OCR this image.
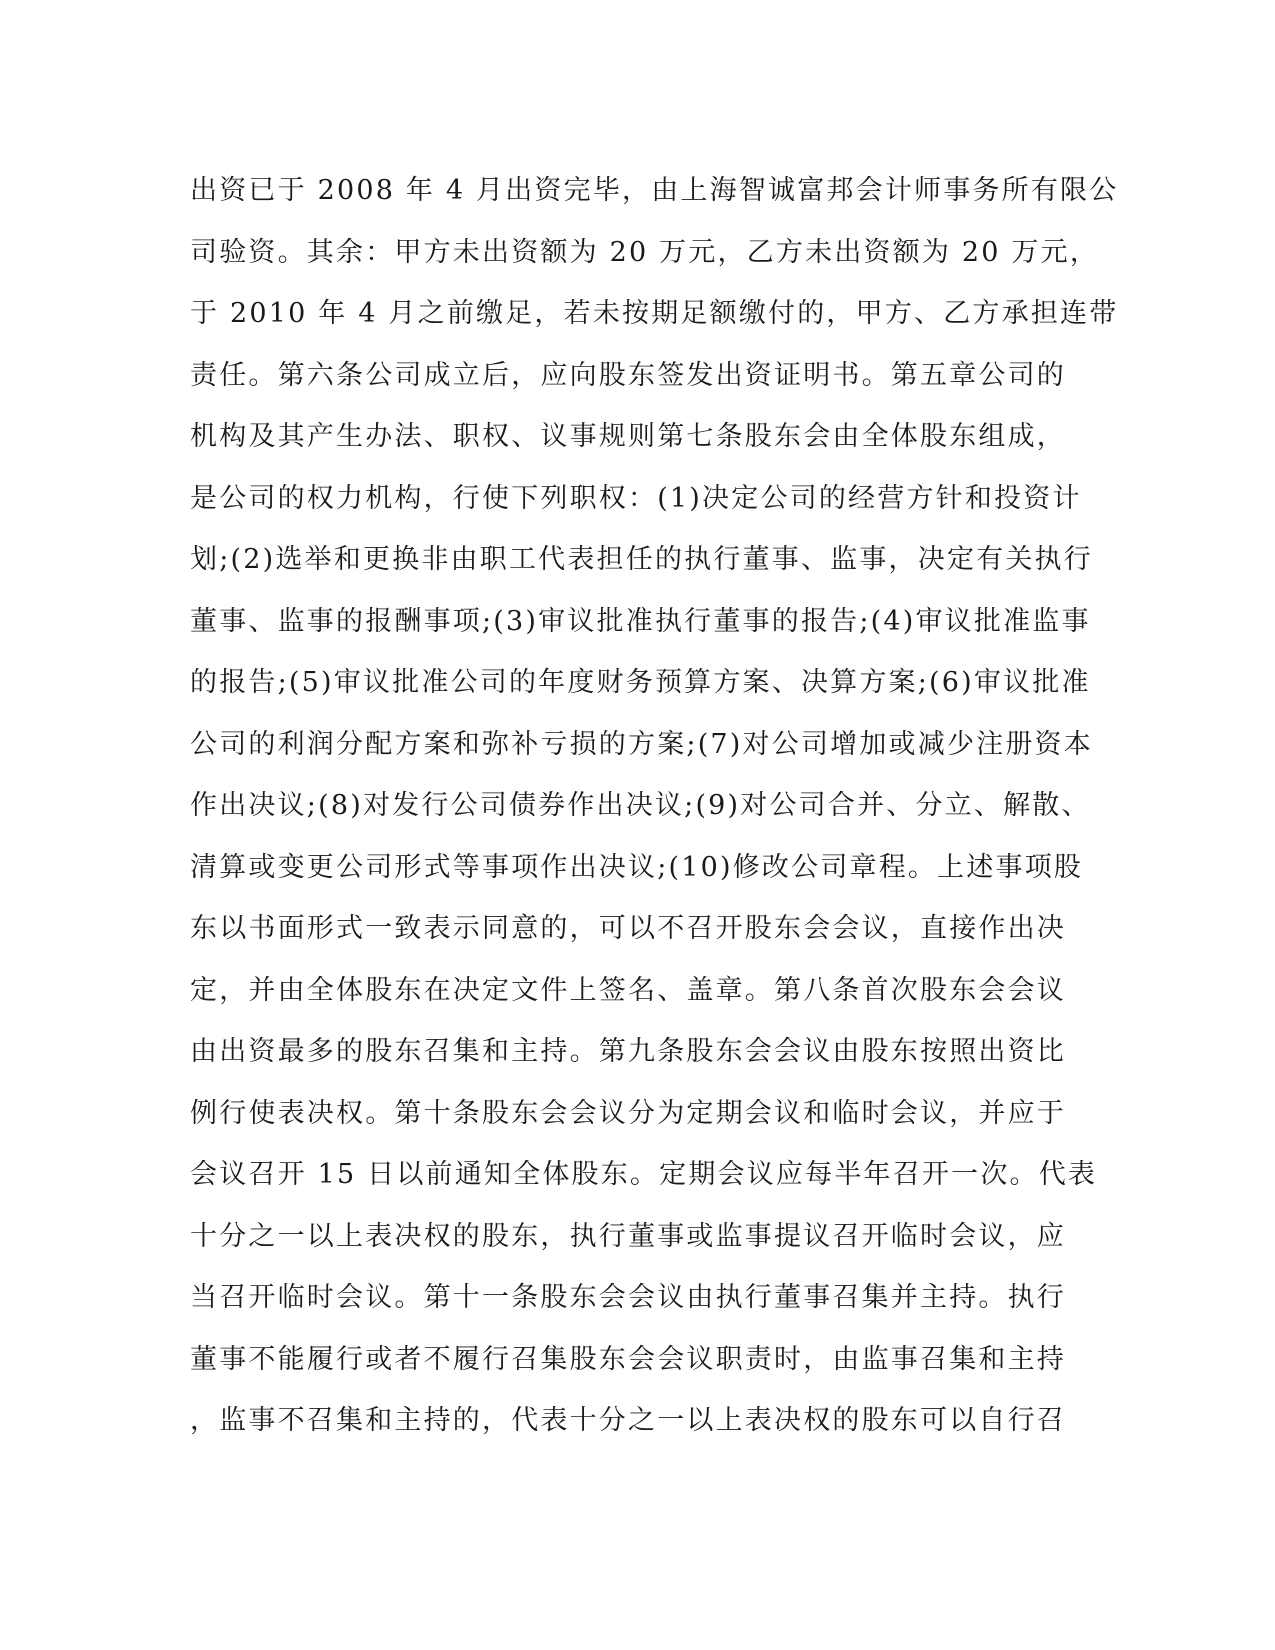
出资已于 2008 年 4 月出资完毕，由上海智诚富邦会计师事务所有限公
司验资。其余：甲方未出资额为 20 万元，乙方未出资额为 20 万元，
于 2010 年 4 月之前缴足，若未按期足额缴付的，甲方、乙方承担连带
责任。第六条公司成立后，应向股东签发出资证明书。第五章公司的
机构及其产生办法、职权、议事规则第七条股东会由全体股东组成，
是公司的权力机构，行使下列职权：(1)决定公司的经营方针和投资计
划;(2)选举和更换非由职工代表担任的执行董事、监事，决定有关执行
董事、监事的报酬事项;(3)审议批准执行董事的报告;(4)审议批准监事
的报告;(5)审议批准公司的年度财务预算方案、决算方案;(6)审议批准
公司的利润分配方案和弥补亏损的方案;(7)对公司增加或减少注册资本
作出决议;(8)对发行公司债券作出决议;(9)对公司合并、分立、解散、
清算或变更公司形式等事项作出决议;(10)修改公司章程。上述事项股
东以书面形式一致表示同意的，可以不召开股东会会议，直接作出决
定，并由全体股东在决定文件上签名、盖章。第八条首次股东会会议
由出资最多的股东召集和主持。第九条股东会会议由股东按照出资比
例行使表决权。第十条股东会会议分为定期会议和临时会议，并应于
会议召开 15 日以前通知全体股东。定期会议应每半年召开一次。代表
十分之一以上表决权的股东，执行董事或监事提议召开临时会议，应
当召开临时会议。第十一条股东会会议由执行董事召集并主持。执行
董事不能履行或者不履行召集股东会会议职责时，由监事召集和主持
，监事不召集和主持的，代表十分之一以上表决权的股东可以自行召
